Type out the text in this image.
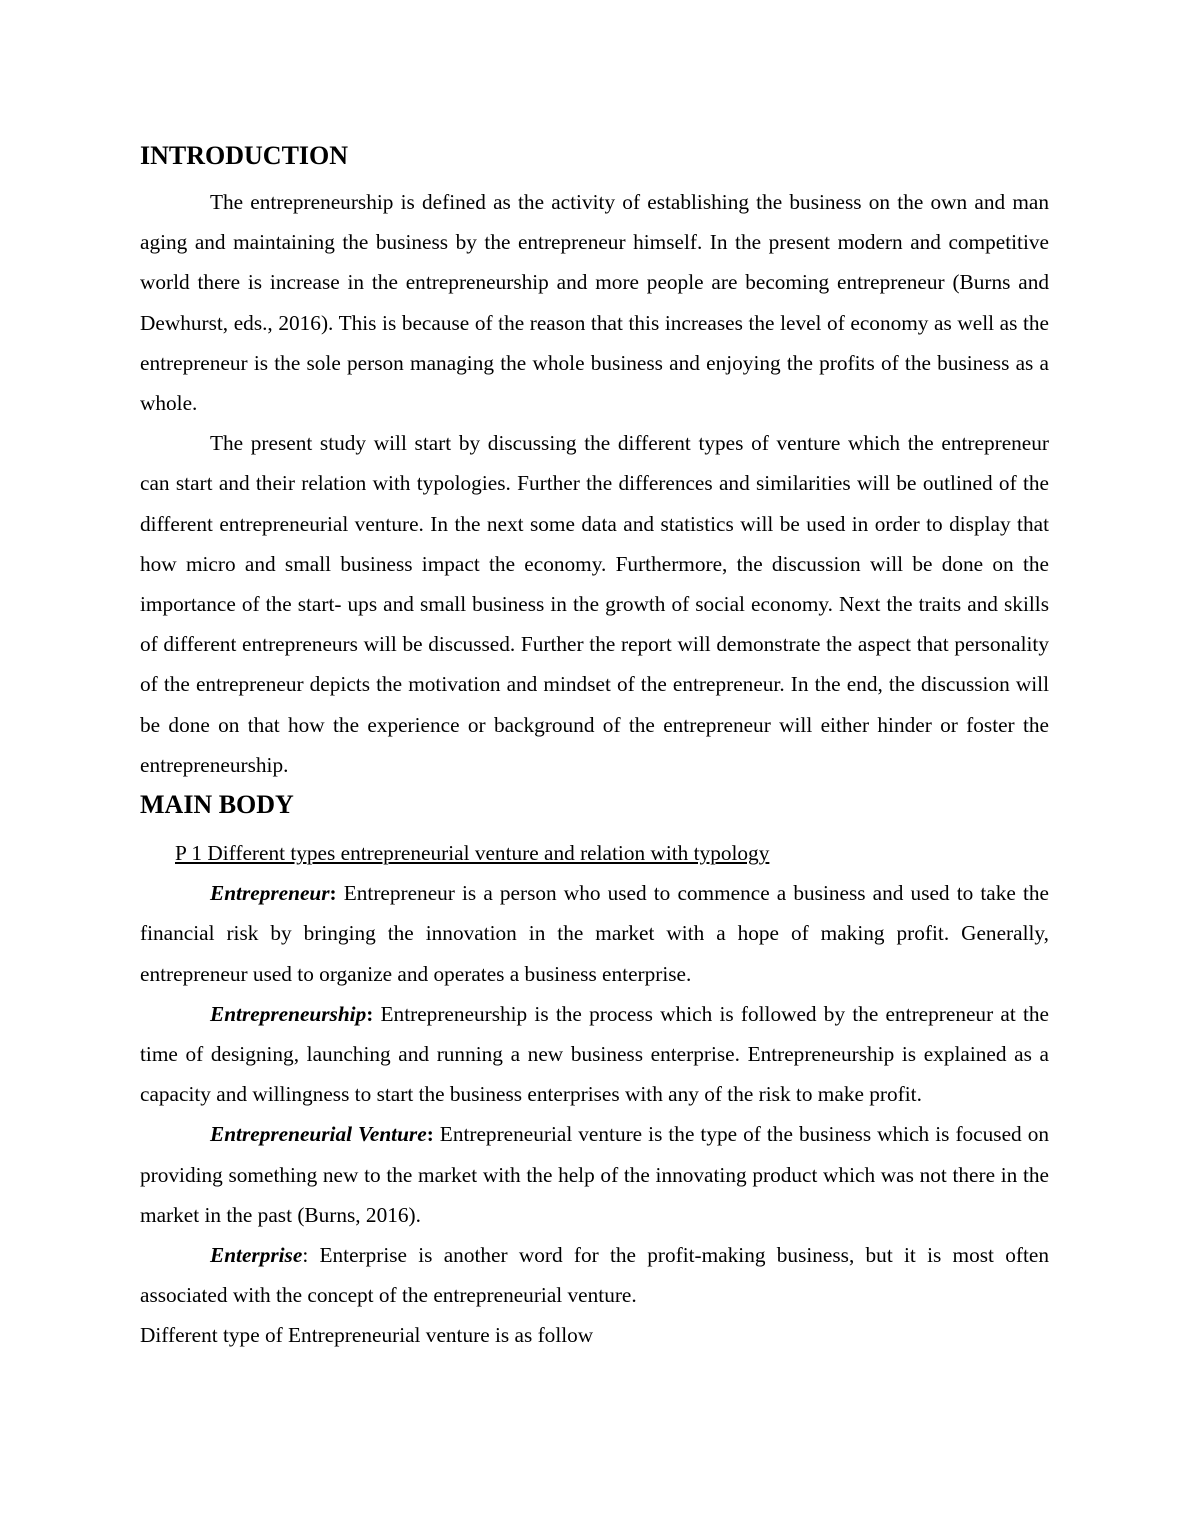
INTRODUCTION

The entrepreneurship is defined as the activity of establishing the business on the own and man aging and maintaining the business by the entrepreneur himself. In the present modern and competitive world there is increase in the entrepreneurship and more people are becoming entrepreneur (Burns and Dewhurst, eds., 2016). This is because of the reason that this increases the level of economy as well as the entrepreneur is the sole person managing the whole business and enjoying the profits of the business as a whole.

The present study will start by discussing the different types of venture which the entrepreneur can start and their relation with typologies. Further the differences and similarities will be outlined of the different entrepreneurial venture. In the next some data and statistics will be used in order to display that how micro and small business impact the economy. Furthermore, the discussion will be done on the importance of the start- ups and small business in the growth of social economy. Next the traits and skills of different entrepreneurs will be discussed. Further the report will demonstrate the aspect that personality of the entrepreneur depicts the motivation and mindset of the entrepreneur. In the end, the discussion will be done on that how the experience or background of the entrepreneur will either hinder or foster the entrepreneurship.

MAIN BODY

P 1 Different types entrepreneurial venture and relation with typology

Entrepreneur: Entrepreneur is a person who used to commence a business and used to take the financial risk by bringing the innovation in the market with a hope of making profit. Generally, entrepreneur used to organize and operates a business enterprise.

Entrepreneurship: Entrepreneurship is the process which is followed by the entrepreneur at the time of designing, launching and running a new business enterprise. Entrepreneurship is explained as a capacity and willingness to start the business enterprises with any of the risk to make profit.

Entrepreneurial Venture: Entrepreneurial venture is the type of the business which is focused on providing something new to the market with the help of the innovating product which was not there in the market in the past (Burns, 2016).

Enterprise: Enterprise is another word for the profit-making business, but it is most often associated with the concept of the entrepreneurial venture.

Different type of Entrepreneurial venture is as follow
